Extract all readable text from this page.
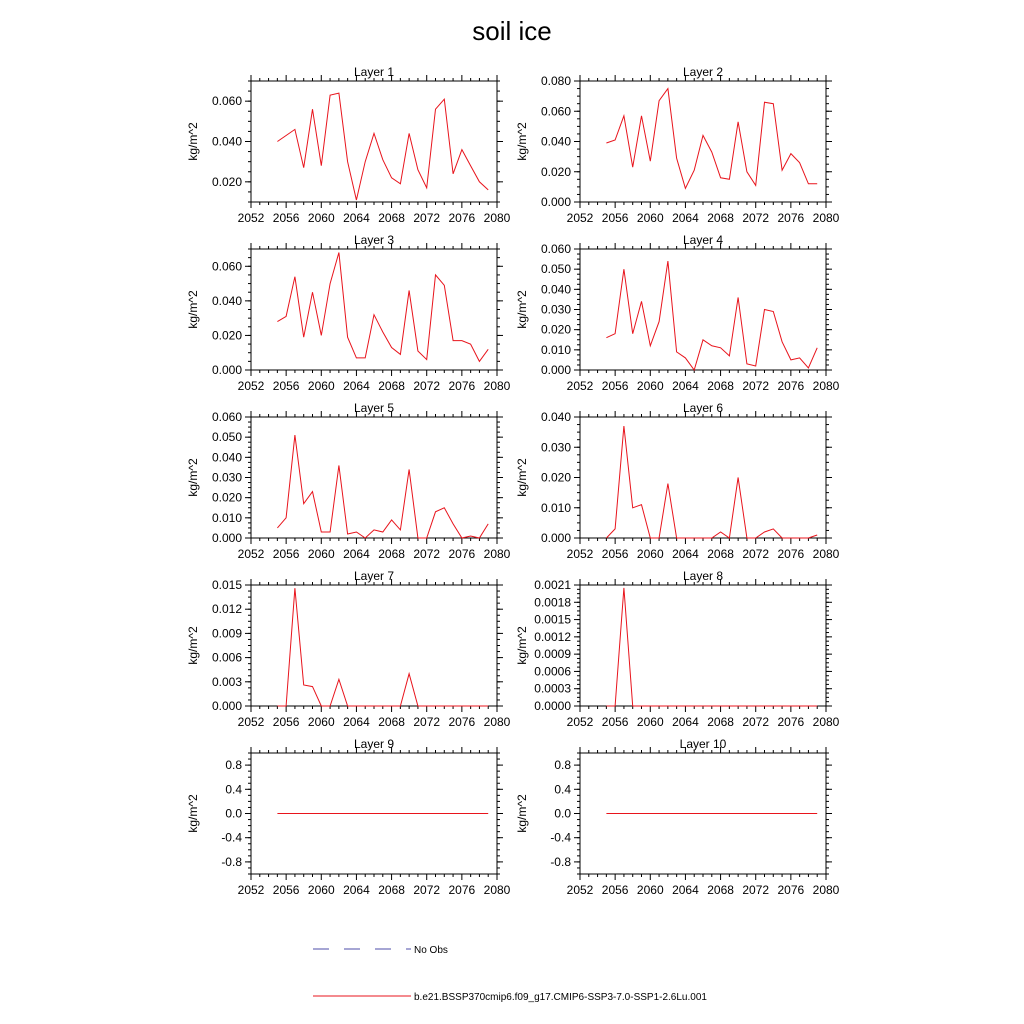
soil ice
Layer 1
kg/m^2
2052 2056 2060 2064 2068 2072 2076 2080
0.020
0.040
0.060
Layer 2
kg/m^2
2052 2056 2060 2064 2068 2072 2076 2080
0.000
0.020
0.040
0.060
0.080
Layer 3
kg/m^2
2052 2056 2060 2064 2068 2072 2076 2080
0.000
0.020
0.040
0.060
Layer 4
kg/m^2
2052 2056 2060 2064 2068 2072 2076 2080
0.000
0.010
0.020
0.030
0.040
0.050
0.060
Layer 5
kg/m^2
2052 2056 2060 2064 2068 2072 2076 2080
0.000
0.010
0.020
0.030
0.040
0.050
0.060
Layer 6
kg/m^2
2052 2056 2060 2064 2068 2072 2076 2080
0.000
0.010
0.020
0.030
0.040
Layer 7
kg/m^2
2052 2056 2060 2064 2068 2072 2076 2080
0.000
0.003
0.006
0.009
0.012
0.015
Layer 8
kg/m^2
2052 2056 2060 2064 2068 2072 2076 2080
0.0000
0.0003
0.0006
0.0009
0.0012
0.0015
0.0018
0.0021
Layer 9
kg/m^2
2052 2056 2060 2064 2068 2072 2076 2080
-0.8
-0.4
0.0
0.4
0.8
Layer 10
kg/m^2
2052 2056 2060 2064 2068 2072 2076 2080
-0.8
-0.4
0.0
0.4
0.8
No Obs
b.e21.BSSP370cmip6.f09_g17.CMIP6-SSP3-7.0-SSP1-2.6Lu.001
